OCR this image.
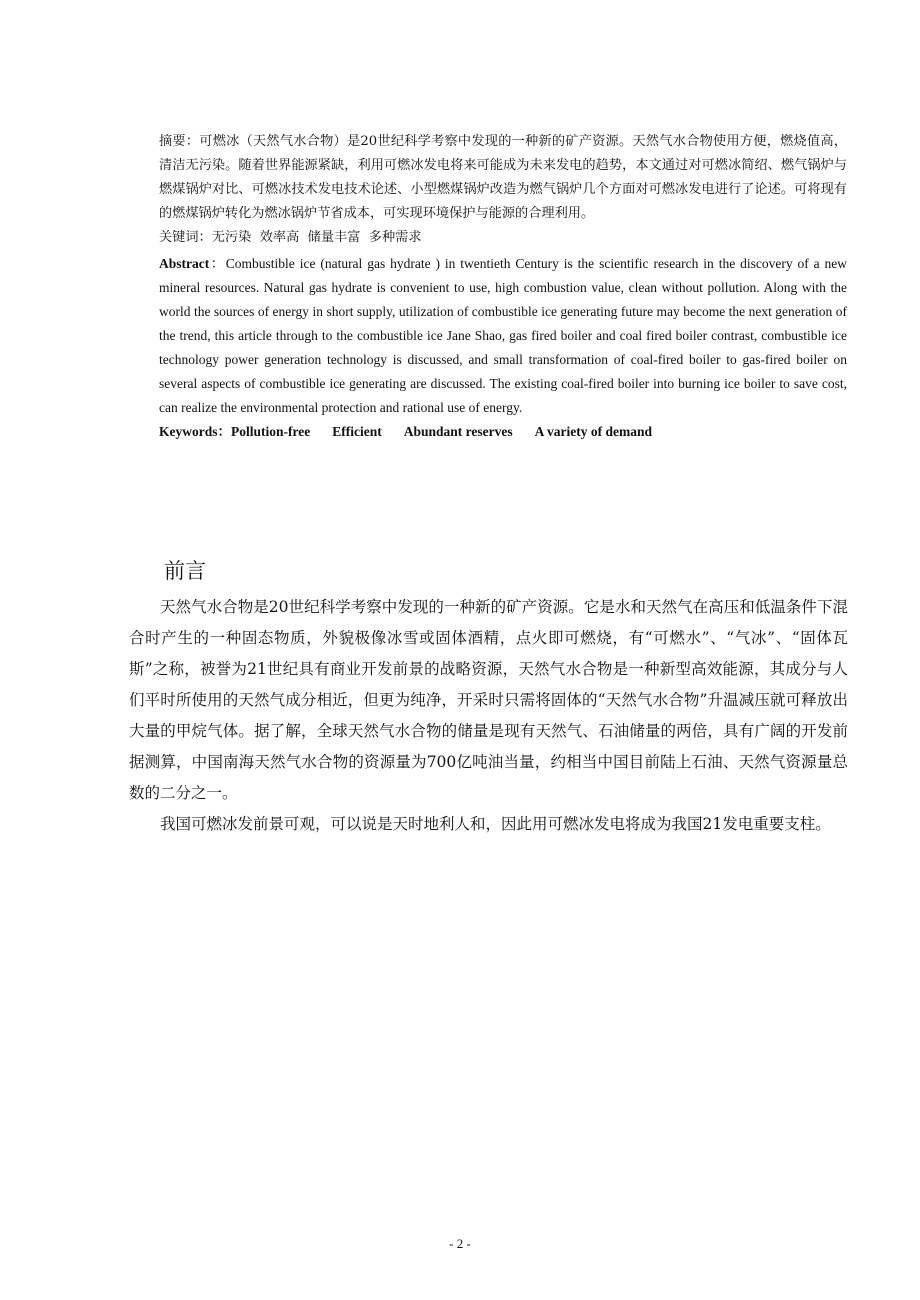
摘要：可燃冰（天然气水合物）是20世纪科学考察中发现的一种新的矿产资源。天然气水合物使用方便，燃烧值高，清洁无污染。随着世界能源紧缺，利用可燃冰发电将来可能成为未来发电的趋势，本文通过对可燃冰简绍、燃气锅炉与燃煤锅炉对比、可燃冰技术发电技术论述、小型燃煤锅炉改造为燃气锅炉几个方面对可燃冰发电进行了论述。可将现有的燃煤锅炉转化为燃冰锅炉节省成本，可实现环境保护与能源的合理利用。

关键词：无污染 效率高 储量丰富 多种需求

Abstract：Combustible ice (natural gas hydrate ) in twentieth Century is the scientific research in the discovery of a new mineral resources. Natural gas hydrate is convenient to use, high combustion value, clean without pollution. Along with the world the sources of energy in short supply, utilization of combustible ice generating future may become the next generation of the trend, this article through to the combustible ice Jane Shao, gas fired boiler and coal fired boiler contrast, combustible ice technology power generation technology is discussed, and small transformation of coal-fired boiler to gas-fired boiler on several aspects of combustible ice generating are discussed. The existing coal-fired boiler into burning ice boiler to save cost, can realize the environmental protection and rational use of energy.

Keywords：Pollution-free Efficient Abundant reserves A variety of demand

前言

天然气水合物是20世纪科学考察中发现的一种新的矿产资源。它是水和天然气在高压和低温条件下混合时产生的一种固态物质，外貌极像冰雪或固体酒精，点火即可燃烧，有“可燃水”、“气冰”、“固体瓦斯”之称，被誉为21世纪具有商业开发前景的战略资源，天然气水合物是一种新型高效能源，其成分与人们平时所使用的天然气成分相近，但更为纯净，开采时只需将固体的“天然气水合物”升温减压就可释放出大量的甲烷气体。据了解，全球天然气水合物的储量是现有天然气、石油储量的两倍，具有广阔的开发前据测算，中国南海天然气水合物的资源量为700亿吨油当量，约相当中国目前陆上石油、天然气资源量总数的二分之一。

我国可燃冰发前景可观，可以说是天时地利人和，因此用可燃冰发电将成为我国21发电重要支柱。

- 2 -
